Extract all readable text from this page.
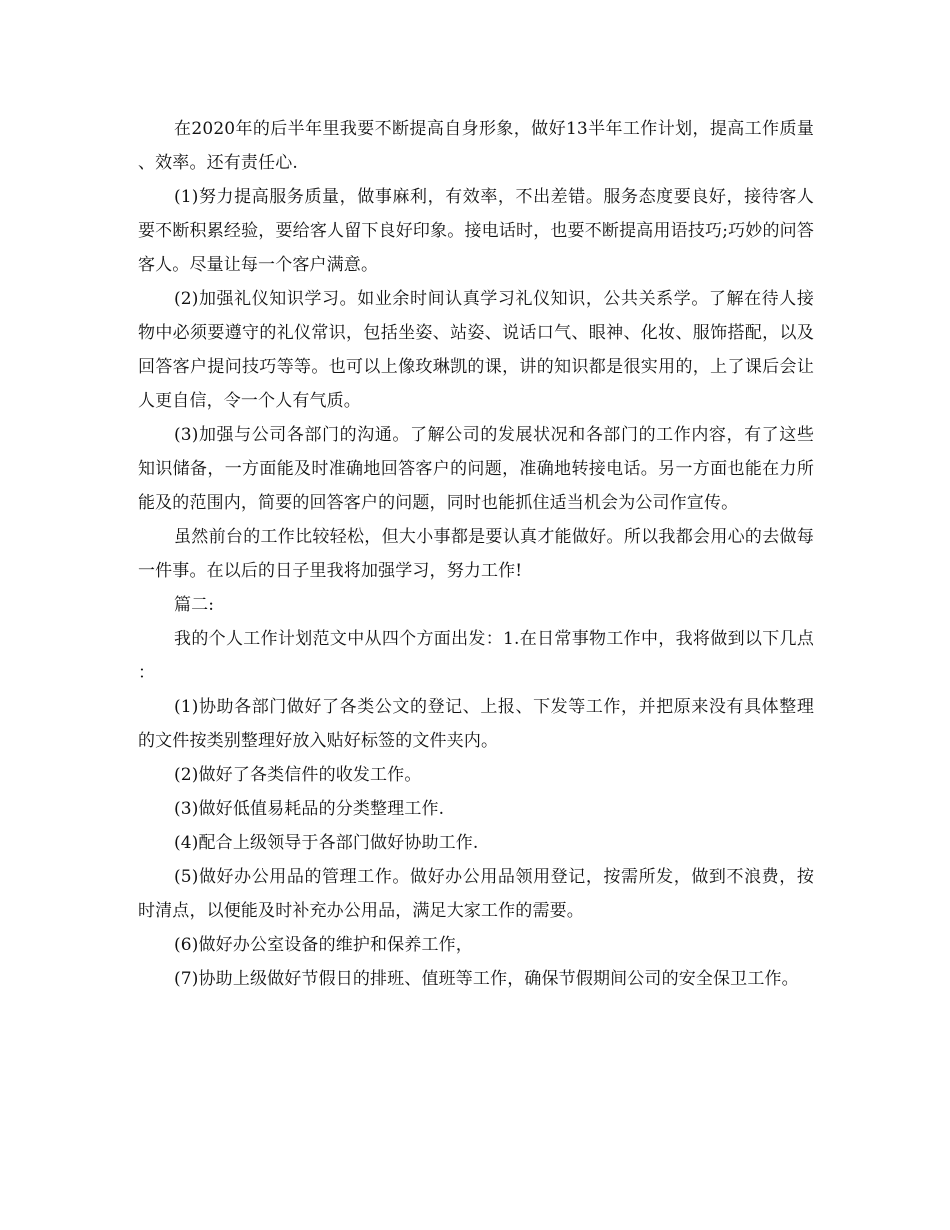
在2020年的后半年里我要不断提高自身形象，做好13半年工作计划，提高工作质量、效率。还有责任心.

(1)努力提高服务质量，做事麻利，有效率，不出差错。服务态度要良好，接待客人要不断积累经验，要给客人留下良好印象。接电话时，也要不断提高用语技巧;巧妙的问答客人。尽量让每一个客户满意。

(2)加强礼仪知识学习。如业余时间认真学习礼仪知识，公共关系学。了解在待人接物中必须要遵守的礼仪常识，包括坐姿、站姿、说话口气、眼神、化妆、服饰搭配，以及回答客户提问技巧等等。也可以上像玫琳凯的课，讲的知识都是很实用的，上了课后会让人更自信，令一个人有气质。

(3)加强与公司各部门的沟通。了解公司的发展状况和各部门的工作内容，有了这些知识储备，一方面能及时准确地回答客户的问题，准确地转接电话。另一方面也能在力所能及的范围内，简要的回答客户的问题，同时也能抓住适当机会为公司作宣传。

虽然前台的工作比较轻松，但大小事都是要认真才能做好。所以我都会用心的去做每一件事。在以后的日子里我将加强学习，努力工作!

篇二:

我的个人工作计划范文中从四个方面出发：1.在日常事物工作中，我将做到以下几点：

(1)协助各部门做好了各类公文的登记、上报、下发等工作，并把原来没有具体整理的文件按类别整理好放入贴好标签的文件夹内。

(2)做好了各类信件的收发工作。

(3)做好低值易耗品的分类整理工作.

(4)配合上级领导于各部门做好协助工作.

(5)做好办公用品的管理工作。做好办公用品领用登记，按需所发，做到不浪费，按时清点，以便能及时补充办公用品，满足大家工作的需要。

(6)做好办公室设备的维护和保养工作，

(7)协助上级做好节假日的排班、值班等工作，确保节假期间公司的安全保卫工作。
